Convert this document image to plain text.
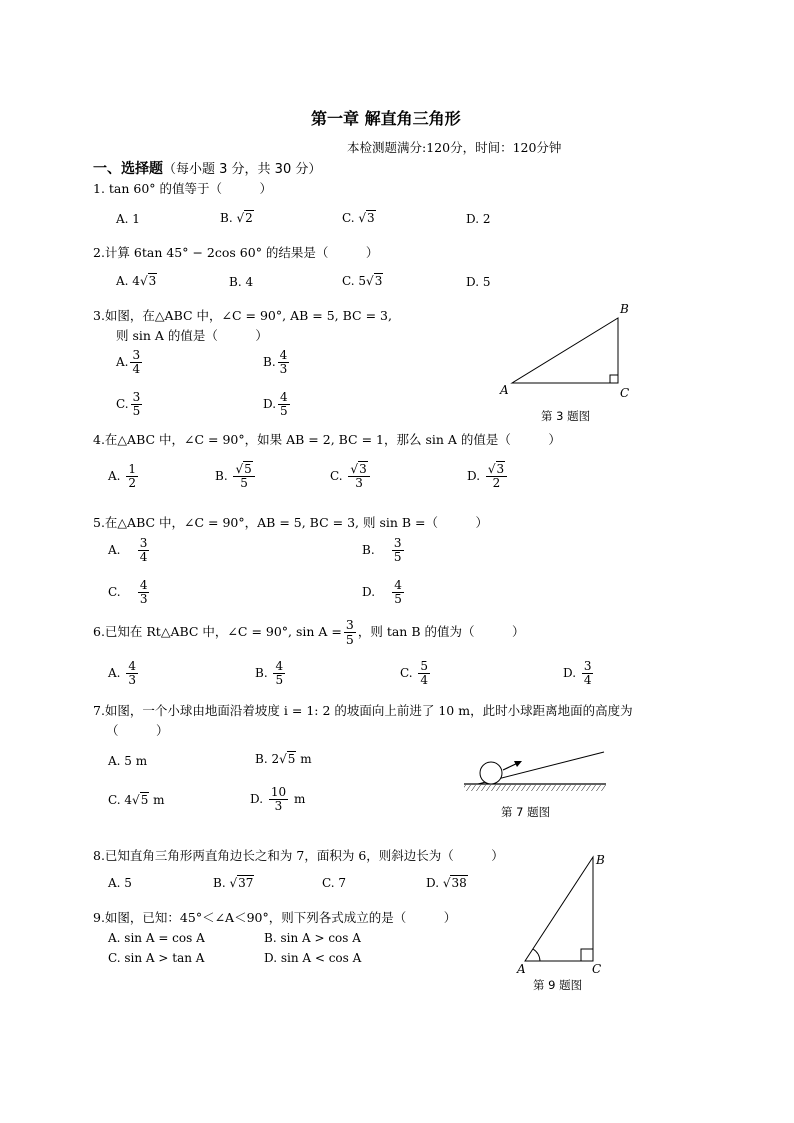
第一章 解直角三角形
本检测题满分:120分，时间：120分钟
一、选择题（每小题 3 分，共 30 分）
1. tan 60° 的值等于（　　　）
A. 1	B. √2	C. √3	D. 2
2.计算 6tan 45° − 2cos 60° 的结果是（　　　）
A. 4√3	B. 4	C. 5√3	D. 5
3.如图，在△ABC 中，∠C = 90°, AB = 5, BC = 3,
则 sin A 的值是（　　　）
A. $\frac{3}{4}$	B. $\frac{4}{3}$
C. $\frac{3}{5}$	D. $\frac{4}{5}$
A
B
C
第 3 题图
4.在△ABC 中，∠C = 90°，如果 AB = 2, BC = 1，那么 sin A 的值是（　　　）
A. $\frac{1}{2}$	B. $\frac{√5}{5}$	C. $\frac{√3}{3}$	D. $\frac{√3}{2}$
5.在△ABC 中，∠C = 90°，AB = 5, BC = 3, 则 sin B =（　　　）
A. $\frac{3}{4}$	B. $\frac{3}{5}$
C. $\frac{4}{3}$	D. $\frac{4}{5}$
6.已知在 Rt△ABC 中，∠C = 90°, $\sin A = \frac{3}{5}$ ，则 tan B 的值为（　　　）
A. $\frac{4}{3}$	B. $\frac{4}{5}$	C. $\frac{5}{4}$	D. $\frac{3}{4}$
7.如图，一个小球由地面沿着坡度 i = 1: 2 的坡面向上前进了 10 m，此时小球距离地面的高度为
（　　　）
A. 5 m	B. 2√5 m
C. 4√5 m	D. $\frac{10}{3}$ m
第 7 题图
8.已知直角三角形两直角边长之和为 7，面积为 6，则斜边长为（　　　）
A. 5	B. √37	C. 7	D. √38
9.如图，已知：45°＜∠A＜90°，则下列各式成立的是（　　　）
A. sin A = cos A	B. sin A > cos A
C. sin A > tan A	D. sin A < cos A
A
B
C
第 9 题图
